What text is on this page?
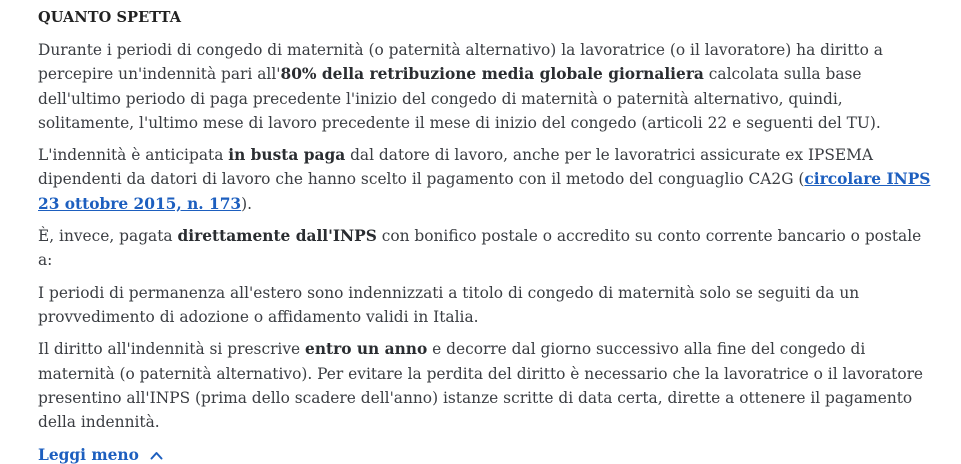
QUANTO SPETTA

Durante i periodi di congedo di maternità (o paternità alternativo) la lavoratrice (o il lavoratore) ha diritto a percepire un'indennità pari all'80% della retribuzione media globale giornaliera calcolata sulla base dell'ultimo periodo di paga precedente l'inizio del congedo di maternità o paternità alternativo, quindi, solitamente, l'ultimo mese di lavoro precedente il mese di inizio del congedo (articoli 22 e seguenti del TU).

L'indennità è anticipata in busta paga dal datore di lavoro, anche per le lavoratrici assicurate ex IPSEMA dipendenti da datori di lavoro che hanno scelto il pagamento con il metodo del conguaglio CA2G (circolare INPS 23 ottobre 2015, n. 173).

È, invece, pagata direttamente dall'INPS con bonifico postale o accredito su conto corrente bancario o postale a:

I periodi di permanenza all'estero sono indennizzati a titolo di congedo di maternità solo se seguiti da un provvedimento di adozione o affidamento validi in Italia.

Il diritto all'indennità si prescrive entro un anno e decorre dal giorno successivo alla fine del congedo di maternità (o paternità alternativo). Per evitare la perdita del diritto è necessario che la lavoratrice o il lavoratore presentino all'INPS (prima dello scadere dell'anno) istanze scritte di data certa, dirette a ottenere il pagamento della indennità.

Leggi meno
